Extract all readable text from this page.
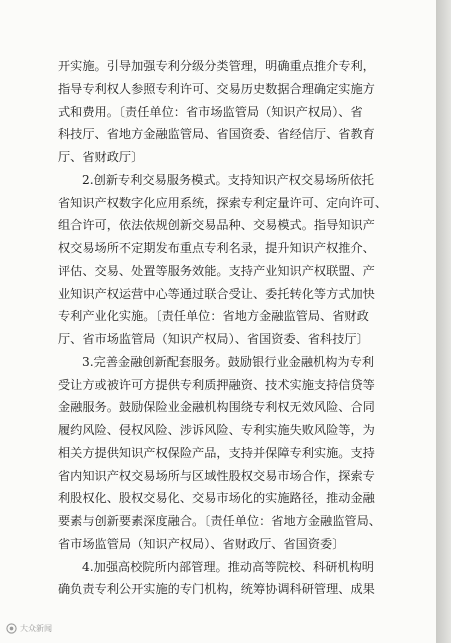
开实施。引导加强专利分级分类管理，明确重点推介专利，
指导专利权人参照专利许可、交易历史数据合理确定实施方
式和费用。〔责任单位：省市场监管局（知识产权局）、省
科技厅、省地方金融监管局、省国资委、省经信厅、省教育
厅、省财政厅〕
2.创新专利交易服务模式。支持知识产权交易场所依托
省知识产权数字化应用系统，探索专利定量许可、定向许可、
组合许可，依法依规创新交易品种、交易模式。指导知识产
权交易场所不定期发布重点专利名录，提升知识产权推介、
评估、交易、处置等服务效能。支持产业知识产权联盟、产
业知识产权运营中心等通过联合受让、委托转化等方式加快
专利产业化实施。〔责任单位：省地方金融监管局、省财政
厅、省市场监管局（知识产权局）、省国资委、省科技厅〕
3.完善金融创新配套服务。鼓励银行业金融机构为专利
受让方或被许可方提供专利质押融资、技术实施支持信贷等
金融服务。鼓励保险业金融机构围绕专利权无效风险、合同
履约风险、侵权风险、涉诉风险、专利实施失败风险等，为
相关方提供知识产权保险产品，支持并保障专利实施。支持
省内知识产权交易场所与区域性股权交易市场合作，探索专
利股权化、股权交易化、交易市场化的实施路径，推动金融
要素与创新要素深度融合。〔责任单位：省地方金融监管局、
省市场监管局（知识产权局）、省财政厅、省国资委〕
4.加强高校院所内部管理。推动高等院校、科研机构明
确负责专利公开实施的专门机构，统筹协调科研管理、成果
大众新闻
